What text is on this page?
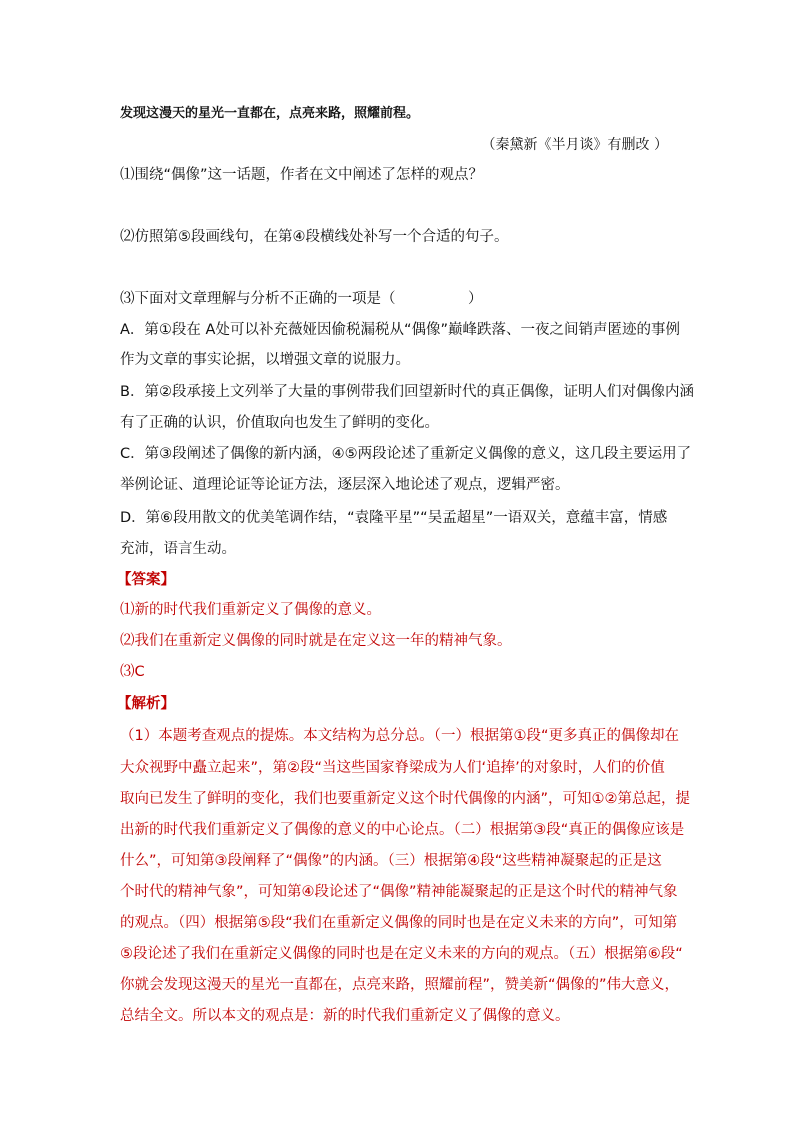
发现这漫天的星光一直都在，点亮来路，照耀前程。
（秦黛新《半月谈》有删改 ）
⑴围绕“偶像”这一话题，作者在文中阐述了怎样的观点？
⑵仿照第⑤段画线句，在第④段横线处补写一个合适的句子。
⑶下面对文章理解与分析不正确的一项是（　　　　　）
A．第①段在 A处可以补充薇娅因偷税漏税从“偶像”巅峰跌落、一夜之间销声匿迹的事例
作为文章的事实论据，以增强文章的说服力。
B．第②段承接上文列举了大量的事例带我们回望新时代的真正偶像，证明人们对偶像内涵
有了正确的认识，价值取向也发生了鲜明的变化。
C．第③段阐述了偶像的新内涵，④⑤两段论述了重新定义偶像的意义，这几段主要运用了
举例论证、道理论证等论证方法，逐层深入地论述了观点，逻辑严密。
D．第⑥段用散文的优美笔调作结，“袁隆平星”“吴孟超星”一语双关，意蕴丰富，情感
充沛，语言生动。
【答案】
⑴新的时代我们重新定义了偶像的意义。
⑵我们在重新定义偶像的同时就是在定义这一年的精神气象。
⑶C
【解析】
（1）本题考查观点的提炼。本文结构为总分总。（一）根据第①段“更多真正的偶像却在
大众视野中矗立起来”，第②段“当这些国家脊梁成为人们‘追捧’的对象时，人们的价值
取向已发生了鲜明的变化，我们也要重新定义这个时代偶像的内涵”，可知①②第总起，提
出新的时代我们重新定义了偶像的意义的中心论点。（二）根据第③段“真正的偶像应该是
什么”，可知第③段阐释了“偶像”的内涵。（三）根据第④段“这些精神凝聚起的正是这
个时代的精神气象”，可知第④段论述了“偶像”精神能凝聚起的正是这个时代的精神气象
的观点。（四）根据第⑤段“我们在重新定义偶像的同时也是在定义未来的方向”，可知第
⑤段论述了我们在重新定义偶像的同时也是在定义未来的方向的观点。（五）根据第⑥段“
你就会发现这漫天的星光一直都在，点亮来路，照耀前程”，赞美新“偶像的”伟大意义，
总结全文。所以本文的观点是：新的时代我们重新定义了偶像的意义。
